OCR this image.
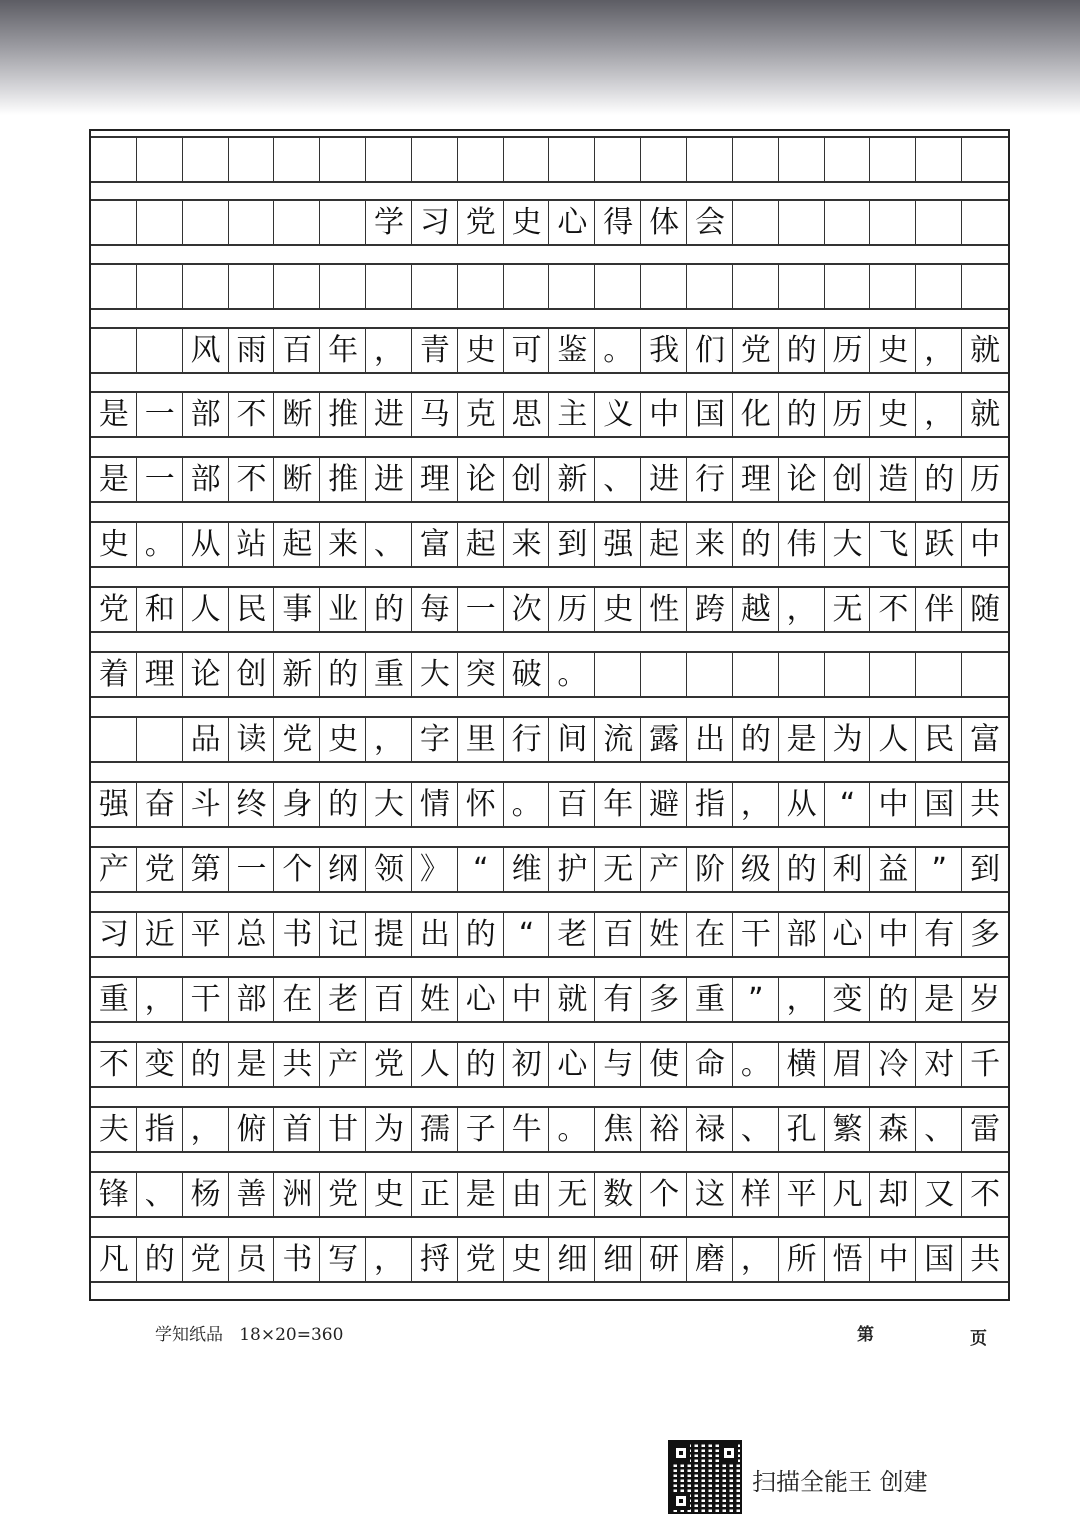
学 习 党 史 心 得 体 会
风 雨 百 年 ， 青 史 可 鉴 。 我 们 党 的 历 史 ， 就
是 一 部 不 断 推 进 马 克 思 主 义 中 国 化 的 历 史 ， 就
是 一 部 不 断 推 进 理 论 创 新 、 进 行 理 论 创 造 的 历
史 。 从 站 起 来 、 富 起 来 到 强 起 来 的 伟 大 飞 跃 中
党 和 人 民 事 业 的 每 一 次 历 史 性 跨 越 ， 无 不 伴 随
着 理 论 创 新 的 重 大 突 破 。
品 读 党 史 ， 字 里 行 间 流 露 出 的 是 为 人 民 富
强 奋 斗 终 身 的 大 情 怀 。 百 年 避 指 ， 从 “ 中 国 共
产 党 第 一 个 纲 领 》 “ 维 护 无 产 阶 级 的 利 益 ” 到
习 近 平 总 书 记 提 出 的 “ 老 百 姓 在 干 部 心 中 有 多
重 ， 干 部 在 老 百 姓 心 中 就 有 多 重 ” ， 变 的 是 岁
不 变 的 是 共 产 党 人 的 初 心 与 使 命 。 横 眉 冷 对 千
夫 指 ， 俯 首 甘 为 孺 子 牛 。 焦 裕 禄 、 孔 繁 森 、 雷
锋 、 杨 善 洲 党 史 正 是 由 无 数 个 这 样 平 凡 却 又 不
凡 的 党 员 书 写 ， 捋 党 史 细 细 研 磨 ， 所 悟 中 国 共
学知纸品 18×20=360	第	页
扫描全能王 创建
